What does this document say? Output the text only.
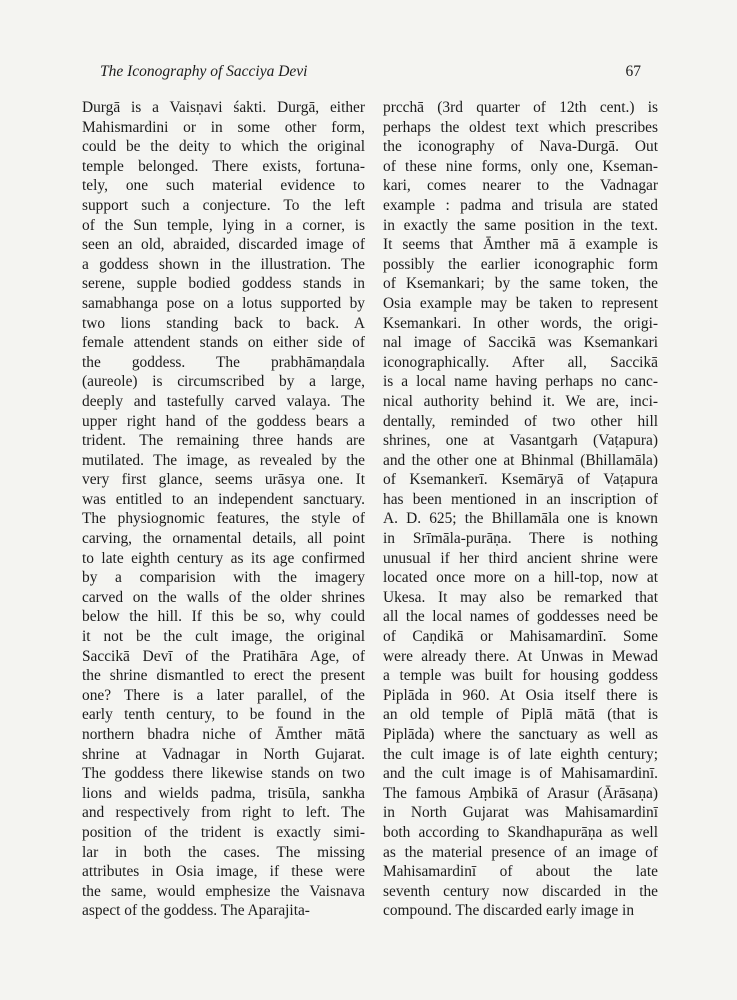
The Iconography of Sacciya Devi	67
Durgā is a Vaisṇavi śakti. Durgā, either
Mahismardini or in some other form,
could be the deity to which the original
temple belonged. There exists, fortuna-
tely, one such material evidence to
support such a conjecture. To the left
of the Sun temple, lying in a corner, is
seen an old, abraided, discarded image of
a goddess shown in the illustration. The
serene, supple bodied goddess stands in
samabhanga pose on a lotus supported by
two lions standing back to back. A
female attendent stands on either side of
the goddess. The prabhāmaṇdala
(aureole) is circumscribed by a large,
deeply and tastefully carved valaya. The
upper right hand of the goddess bears a
trident. The remaining three hands are
mutilated. The image, as revealed by the
very first glance, seems urāsya one. It
was entitled to an independent sanctuary.
The physiognomic features, the style of
carving, the ornamental details, all point
to late eighth century as its age confirmed
by a comparision with the imagery
carved on the walls of the older shrines
below the hill. If this be so, why could
it not be the cult image, the original
Saccikā Devī of the Pratihāra Age, of
the shrine dismantled to erect the present
one? There is a later parallel, of the
early tenth century, to be found in the
northern bhadra niche of Āmther mātā
shrine at Vadnagar in North Gujarat.
The goddess there likewise stands on two
lions and wields padma, trisūla, sankha
and respectively from right to left. The
position of the trident is exactly simi-
lar in both the cases. The missing
attributes in Osia image, if these were
the same, would emphesize the Vaisnava
aspect of the goddess. The Aparajita-
prcchā (3rd quarter of 12th cent.) is
perhaps the oldest text which prescribes
the iconography of Nava-Durgā. Out
of these nine forms, only one, Kseman-
kari, comes nearer to the Vadnagar
example : padma and trisula are stated
in exactly the same position in the text.
It seems that Āmther mā ā example is
possibly the earlier iconographic form
of Ksemankari; by the same token, the
Osia example may be taken to represent
Ksemankari. In other words, the origi-
nal image of Saccikā was Ksemankari
iconographically. After all, Saccikā
is a local name having perhaps no canc-
nical authority behind it. We are, inci-
dentally, reminded of two other hill
shrines, one at Vasantgarh (Vaṭapura)
and the other one at Bhinmal (Bhillamāla)
of Ksemankerī. Ksemāryā of Vaṭapura
has been mentioned in an inscription of
A. D. 625; the Bhillamāla one is known
in Srīmāla-purāṇa. There is nothing
unusual if her third ancient shrine were
located once more on a hill-top, now at
Ukesa. It may also be remarked that
all the local names of goddesses need be
of Caṇdikā or Mahisamardinī. Some
were already there. At Unwas in Mewad
a temple was built for housing goddess
Piplāda in 960. At Osia itself there is
an old temple of Piplā mātā (that is
Piplāda) where the sanctuary as well as
the cult image is of late eighth century;
and the cult image is of Mahisamardinī.
The famous Aṃbikā of Arasur (Ārāsaṇa)
in North Gujarat was Mahisamardinī
both according to Skandhapurāṇa as well
as the material presence of an image of
Mahisamardinī of about the late
seventh century now discarded in the
compound. The discarded early image in
